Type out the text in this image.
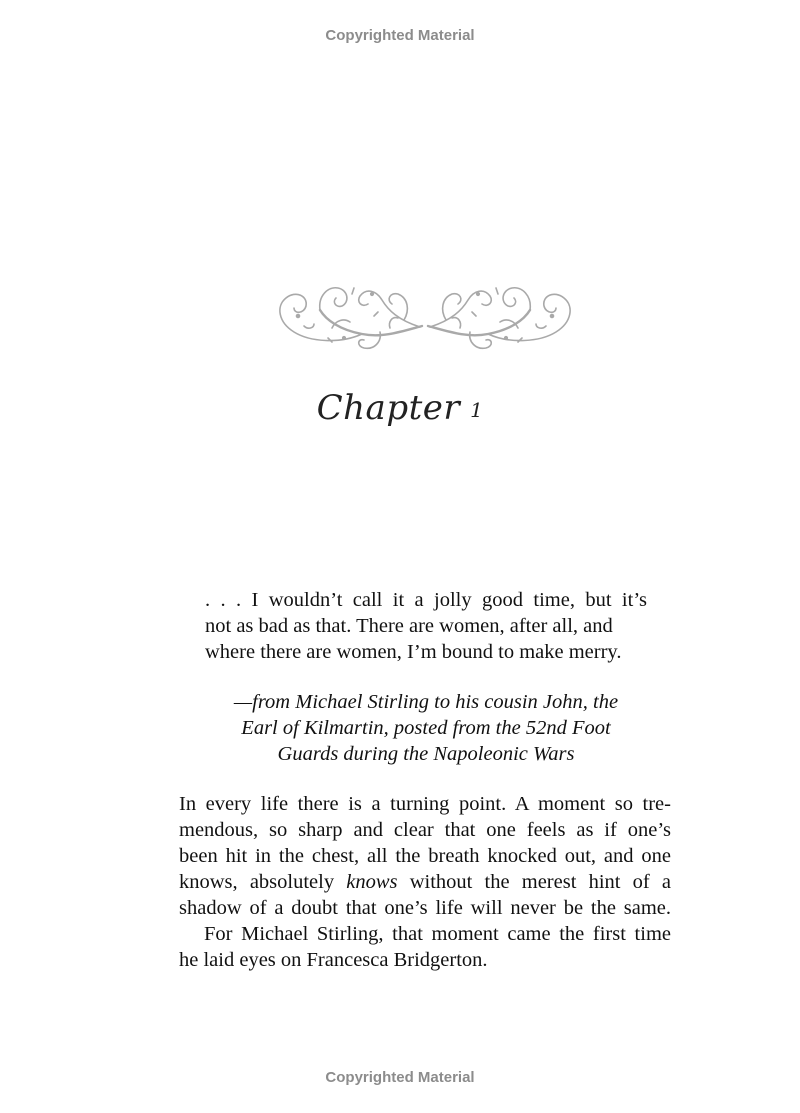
Copyrighted Material
Chapter 1
. . . I wouldn’t call it a jolly good time, but it’s
not as bad as that. There are women, after all, and
where there are women, I’m bound to make merry.
—from Michael Stirling to his cousin John, the
Earl of Kilmartin, posted from the 52nd Foot
Guards during the Napoleonic Wars
In every life there is a turning point. A moment so tre-
mendous, so sharp and clear that one feels as if one’s
been hit in the chest, all the breath knocked out, and one
knows, absolutely knows without the merest hint of a
shadow of a doubt that one’s life will never be the same.
For Michael Stirling, that moment came the first time
he laid eyes on Francesca Bridgerton.
Copyrighted Material
